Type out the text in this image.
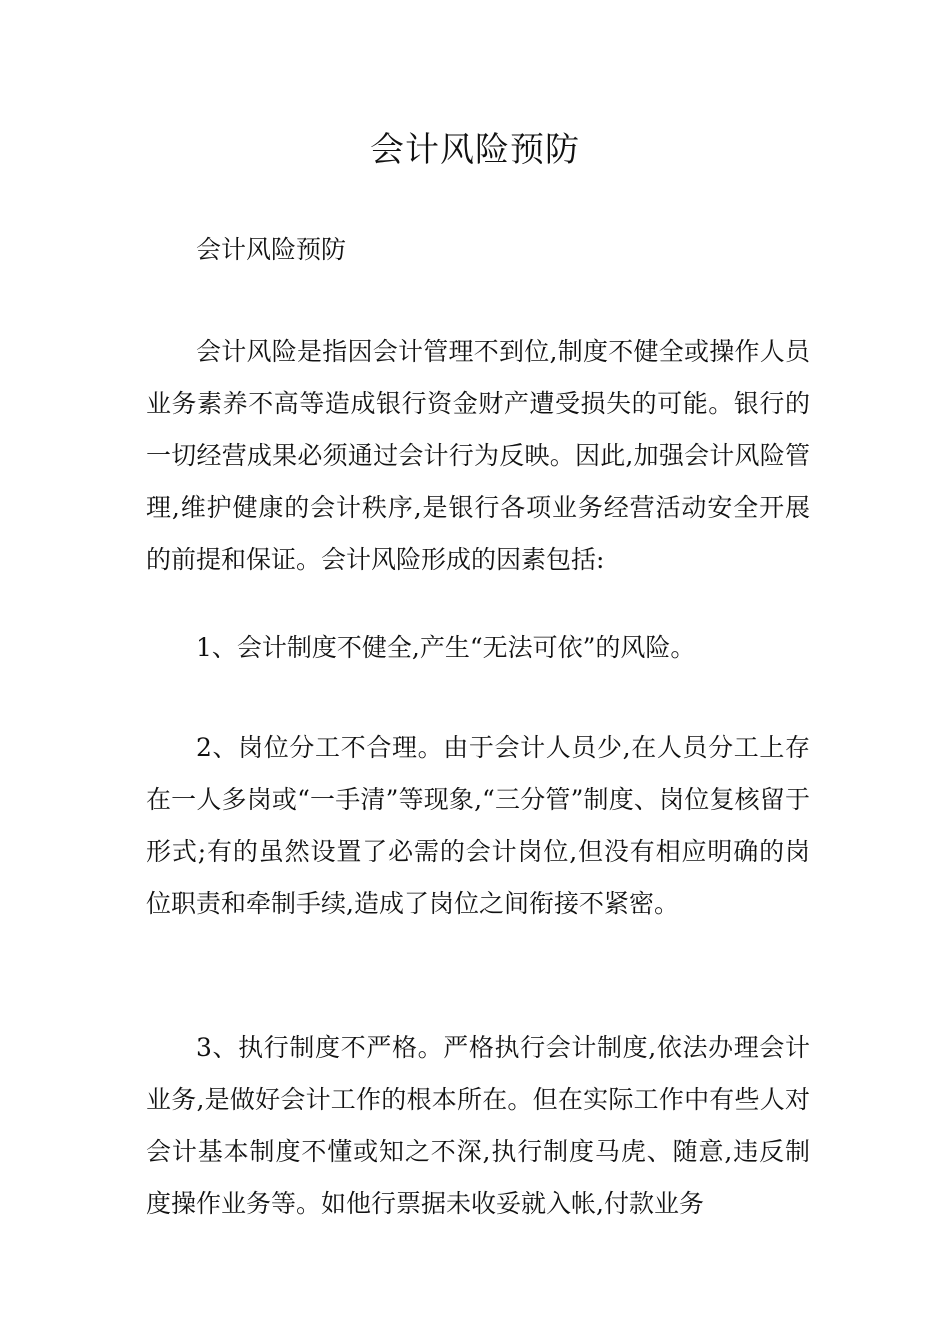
会计风险预防

会计风险预防

会计风险是指因会计管理不到位,制度不健全或操作人员业务素养不高等造成银行资金财产遭受损失的可能。银行的一切经营成果必须通过会计行为反映。因此,加强会计风险管理,维护健康的会计秩序,是银行各项业务经营活动安全开展的前提和保证。会计风险形成的因素包括:

1、会计制度不健全,产生“无法可依”的风险。

2、岗位分工不合理。由于会计人员少,在人员分工上存在一人多岗或“一手清”等现象,“三分管”制度、岗位复核留于形式;有的虽然设置了必需的会计岗位,但没有相应明确的岗位职责和牵制手续,造成了岗位之间衔接不紧密。

3、执行制度不严格。严格执行会计制度,依法办理会计业务,是做好会计工作的根本所在。但在实际工作中有些人对会计基本制度不懂或知之不深,执行制度马虎、随意,违反制度操作业务等。如他行票据未收妥就入帐,付款业务
